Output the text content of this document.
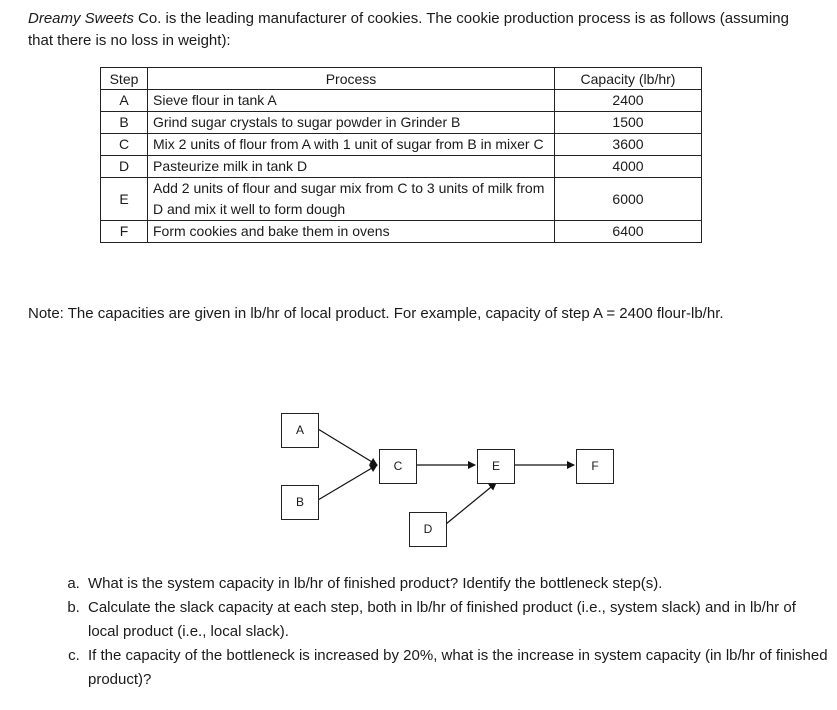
Dreamy Sweets Co. is the leading manufacturer of cookies. The cookie production process is as follows (assuming that there is no loss in weight):
Step	Process	Capacity (lb/hr)
A	Sieve flour in tank A	2400
B	Grind sugar crystals to sugar powder in Grinder B	1500
C	Mix 2 units of flour from A with 1 unit of sugar from B in mixer C	3600
D	Pasteurize milk in tank D	4000
E	Add 2 units of flour and sugar mix from C to 3 units of milk from D and mix it well to form dough	6000
F	Form cookies and bake them in ovens	6400
Note: The capacities are given in lb/hr of local product. For example, capacity of step A = 2400 flour-lb/hr.
A
B
C
D
E	F
a. What is the system capacity in lb/hr of finished product? Identify the bottleneck step(s).
b. Calculate the slack capacity at each step, both in lb/hr of finished product (i.e., system slack) and in lb/hr of local product (i.e., local slack).
c. If the capacity of the bottleneck is increased by 20%, what is the increase in system capacity (in lb/hr of finished product)?
